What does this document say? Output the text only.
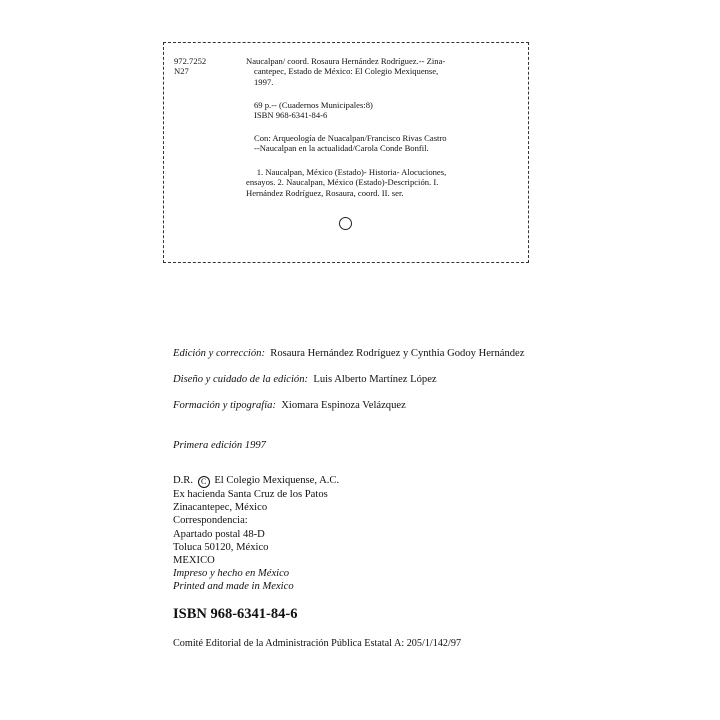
972.7252
N27
Naucalpan/ coord. Rosaura Hernández Rodríguez.-- Zina-
cantepec, Estado de México: El Colegio Mexiquense,
1997.
69 p.-- (Cuadernos Municipales:8)
ISBN 968-6341-84-6
Con: Arqueología de Nuacalpan/Francisco Rivas Castro
--Naucalpan en la actualidad/Carola Conde Bonfil.
1. Naucalpan, México (Estado)- Historia- Alocuciones,
ensayos. 2. Naucalpan, México (Estado)-Descripción. I.
Hernández Rodríguez, Rosaura, coord. II. ser.
Edición y corrección: Rosaura Hernández Rodríguez y Cynthia Godoy Hernández
Diseño y cuidado de la edición: Luis Alberto Martínez López
Formación y tipografía: Xiomara Espinoza Velázquez
Primera edición 1997
D.R. C El Colegio Mexiquense, A.C.
Ex hacienda Santa Cruz de los Patos
Zinacantepec, México
Correspondencia:
Apartado postal 48-D
Toluca 50120, México
MEXICO
Impreso y hecho en México
Printed and made in Mexico
ISBN 968-6341-84-6
Comité Editorial de la Administración Pública Estatal A: 205/1/142/97
